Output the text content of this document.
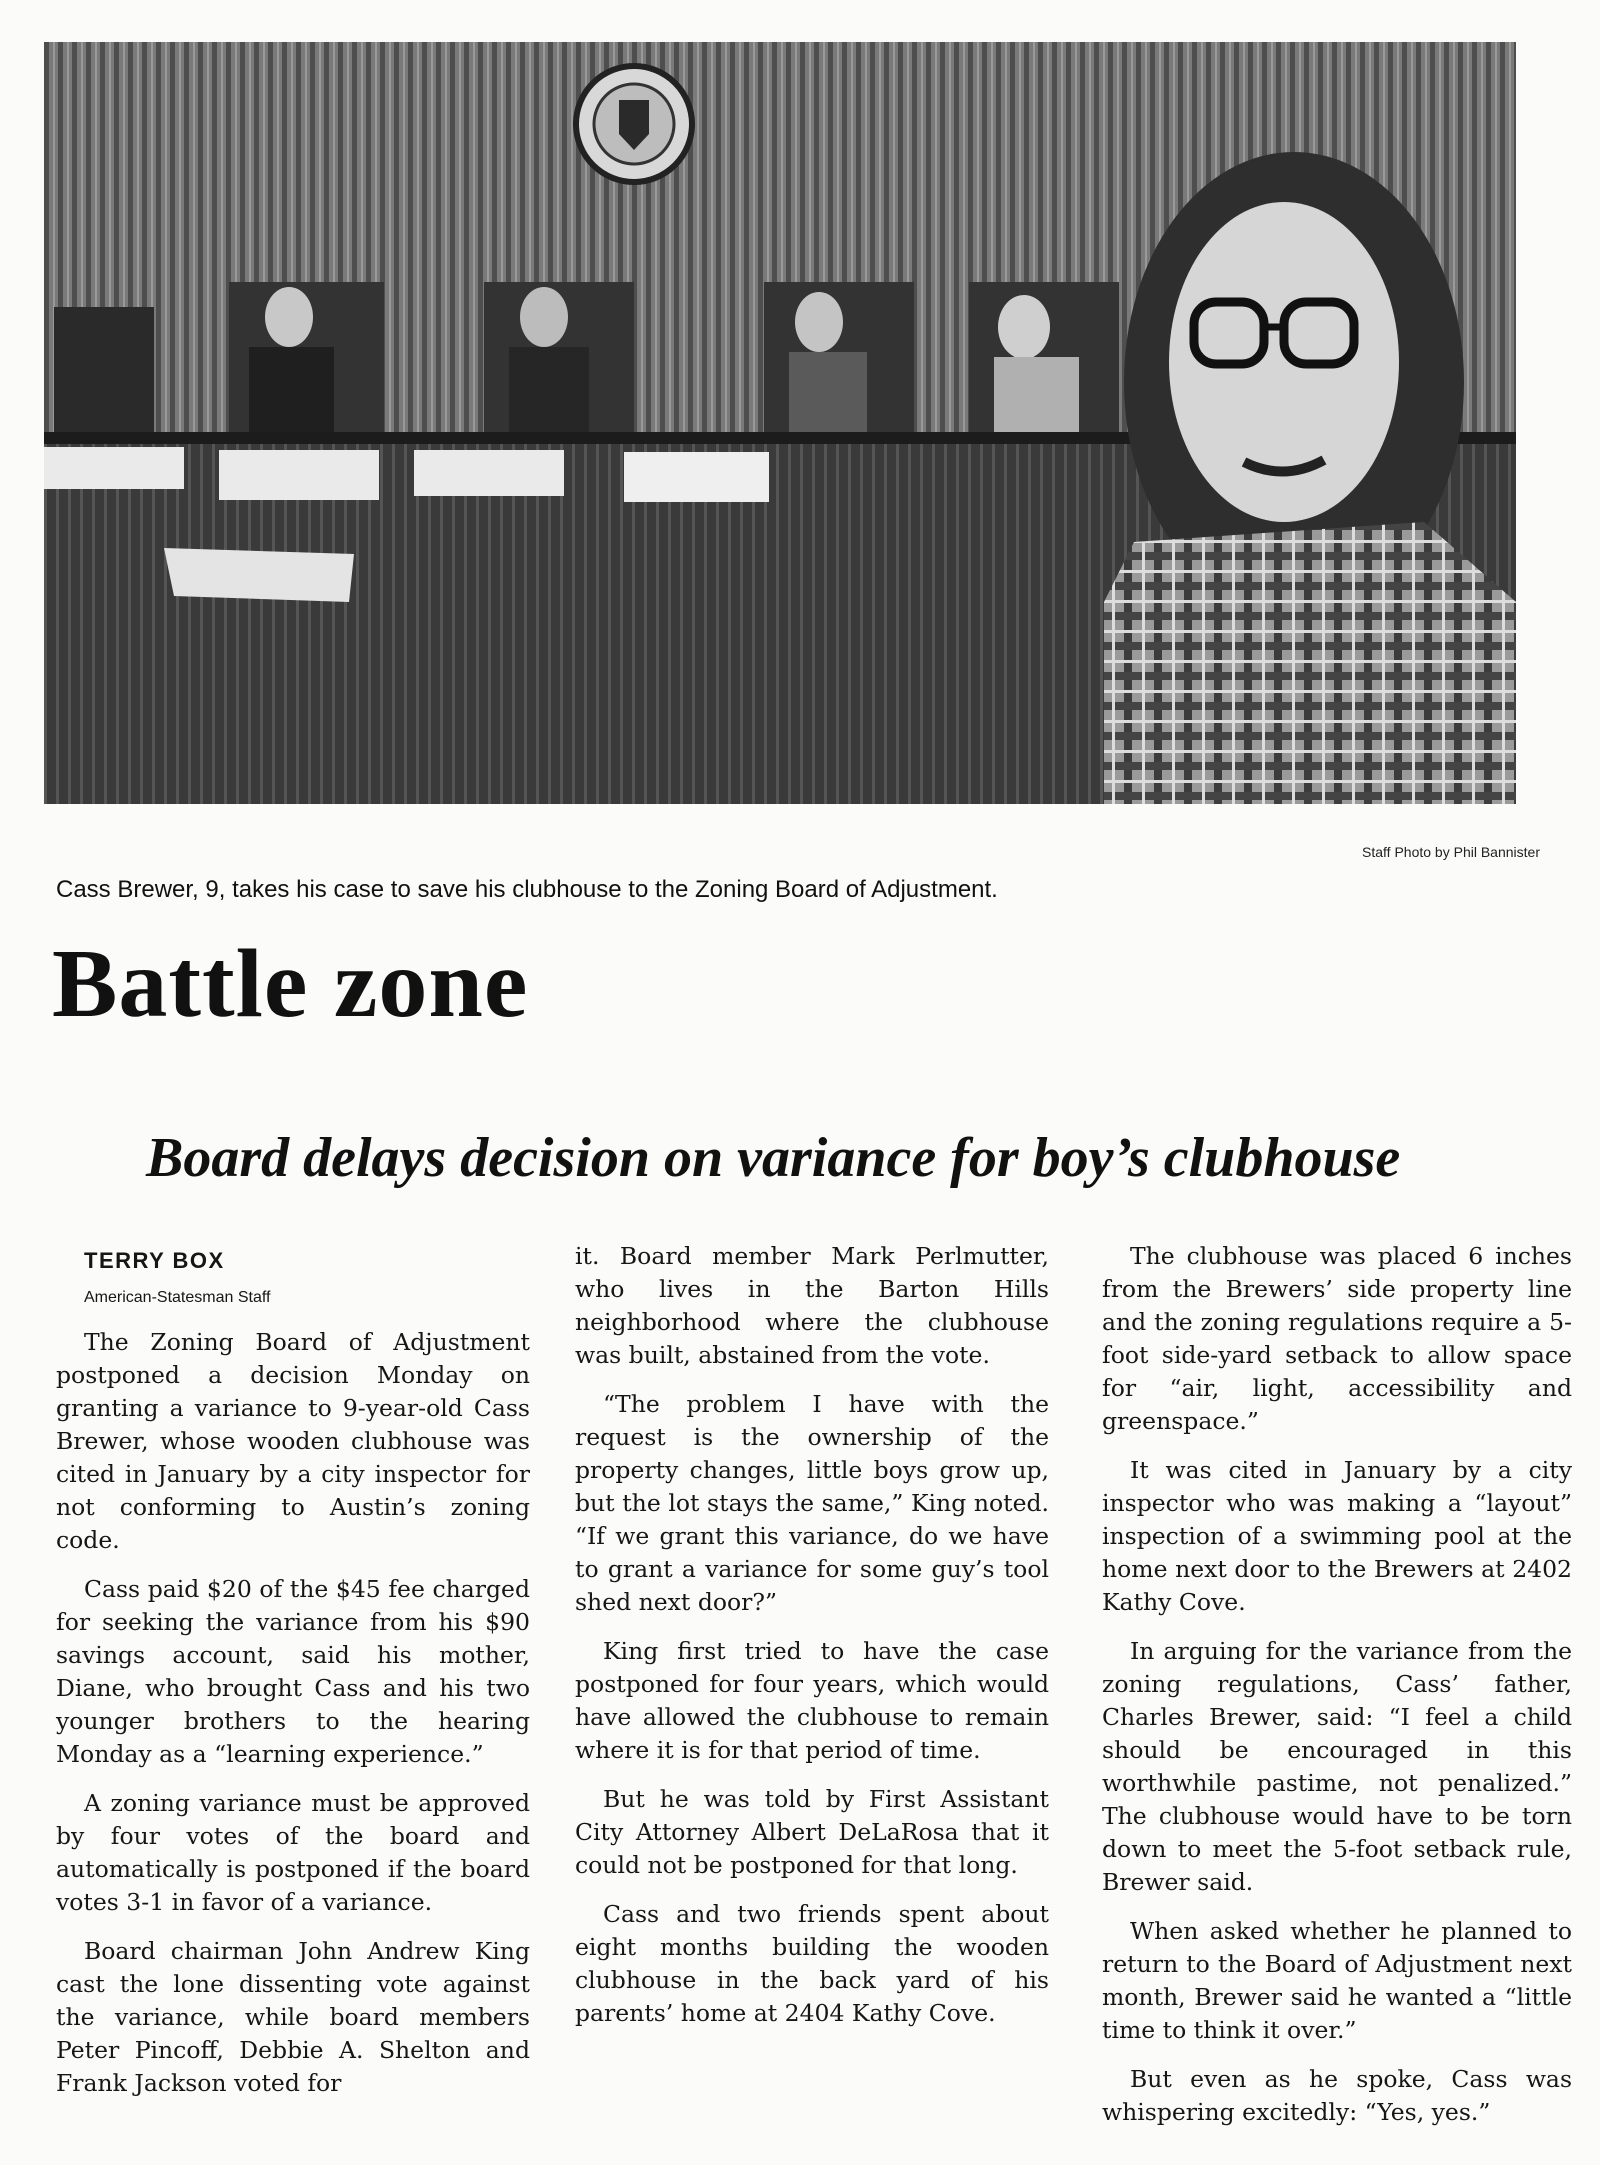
Staff Photo by Phil Bannister
Cass Brewer, 9, takes his case to save his clubhouse to the Zoning Board of Adjustment.
Battle zone
Board delays decision on variance for boy’s clubhouse
TERRY BOX
American-Statesman Staff

The Zoning Board of Adjustment postponed a decision Monday on granting a variance to 9-year-old Cass Brewer, whose wooden clubhouse was cited in January by a city inspector for not conforming to Austin’s zoning code.

Cass paid $20 of the $45 fee charged for seeking the variance from his $90 savings account, said his mother, Diane, who brought Cass and his two younger brothers to the hearing Monday as a “learning experience.”

A zoning variance must be approved by four votes of the board and automatically is postponed if the board votes 3-1 in favor of a variance.

Board chairman John Andrew King cast the lone dissenting vote against the variance, while board members Peter Pincoff, Debbie A. Shelton and Frank Jackson voted for

it. Board member Mark Perlmutter, who lives in the Barton Hills neighborhood where the clubhouse was built, abstained from the vote.

“The problem I have with the request is the ownership of the property changes, little boys grow up, but the lot stays the same,” King noted. “If we grant this variance, do we have to grant a variance for some guy’s tool shed next door?”

King first tried to have the case postponed for four years, which would have allowed the clubhouse to remain where it is for that period of time.

But he was told by First Assistant City Attorney Albert DeLaRosa that it could not be postponed for that long.

Cass and two friends spent about eight months building the wooden clubhouse in the back yard of his parents’ home at 2404 Kathy Cove.

The clubhouse was placed 6 inches from the Brewers’ side property line and the zoning regulations require a 5-foot side-yard setback to allow space for “air, light, accessibility and greenspace.”

It was cited in January by a city inspector who was making a “layout” inspection of a swimming pool at the home next door to the Brewers at 2402 Kathy Cove.

In arguing for the variance from the zoning regulations, Cass’ father, Charles Brewer, said: “I feel a child should be encouraged in this worthwhile pastime, not penalized.” The clubhouse would have to be torn down to meet the 5-foot setback rule, Brewer said.

When asked whether he planned to return to the Board of Adjustment next month, Brewer said he wanted a “little time to think it over.”

But even as he spoke, Cass was whispering excitedly: “Yes, yes.”
